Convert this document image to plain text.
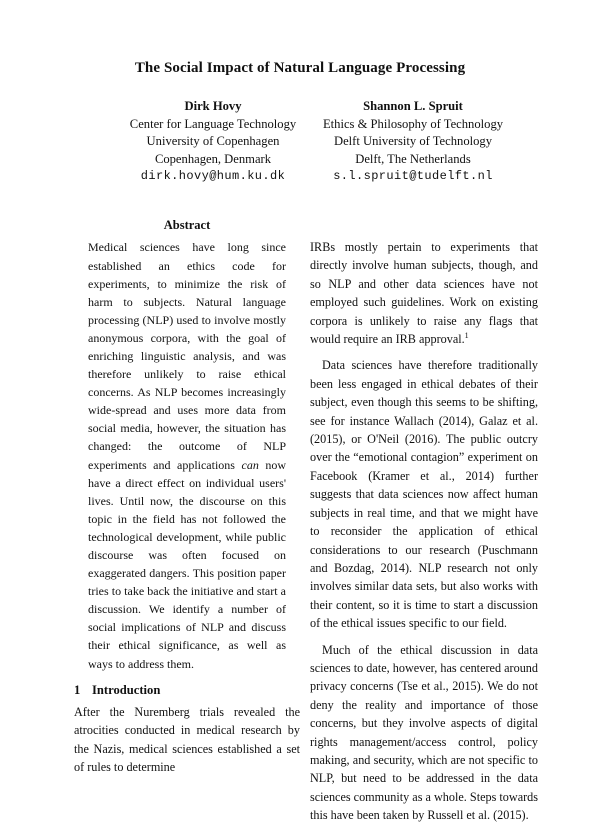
The Social Impact of Natural Language Processing
Dirk Hovy
Center for Language Technology
University of Copenhagen
Copenhagen, Denmark
dirk.hovy@hum.ku.dk
Shannon L. Spruit
Ethics & Philosophy of Technology
Delft University of Technology
Delft, The Netherlands
s.l.spruit@tudelft.nl
Abstract
Medical sciences have long since established an ethics code for experiments, to minimize the risk of harm to subjects. Natural language processing (NLP) used to involve mostly anonymous corpora, with the goal of enriching linguistic analysis, and was therefore unlikely to raise ethical concerns. As NLP becomes increasingly wide-spread and uses more data from social media, however, the situation has changed: the outcome of NLP experiments and applications can now have a direct effect on individual users' lives. Until now, the discourse on this topic in the field has not followed the technological development, while public discourse was often focused on exaggerated dangers. This position paper tries to take back the initiative and start a discussion. We identify a number of social implications of NLP and discuss their ethical significance, as well as ways to address them.
1 Introduction

After the Nuremberg trials revealed the atrocities conducted in medical research by the Nazis, medical sciences established a set of rules to determine

IRBs mostly pertain to experiments that directly involve human subjects, though, and so NLP and other data sciences have not employed such guidelines. Work on existing corpora is unlikely to raise any flags that would require an IRB approval.$^1$

Data sciences have therefore traditionally been less engaged in ethical debates of their subject, even though this seems to be shifting, see for instance Wallach (2014), Galaz et al. (2015), or O'Neil (2016). The public outcry over the “emotional contagion” experiment on Facebook (Kramer et al., 2014) further suggests that data sciences now affect human subjects in real time, and that we might have to reconsider the application of ethical considerations to our research (Puschmann and Bozdag, 2014). NLP research not only involves similar data sets, but also works with their content, so it is time to start a discussion of the ethical issues specific to our field.

Much of the ethical discussion in data sciences to date, however, has centered around privacy concerns (Tse et al., 2015). We do not deny the reality and importance of those concerns, but they involve aspects of digital rights management/access control, policy making, and security, which are not specific to NLP, but need to be addressed in the data sciences community as a whole. Steps towards this have been taken by Russell et al. (2015).
